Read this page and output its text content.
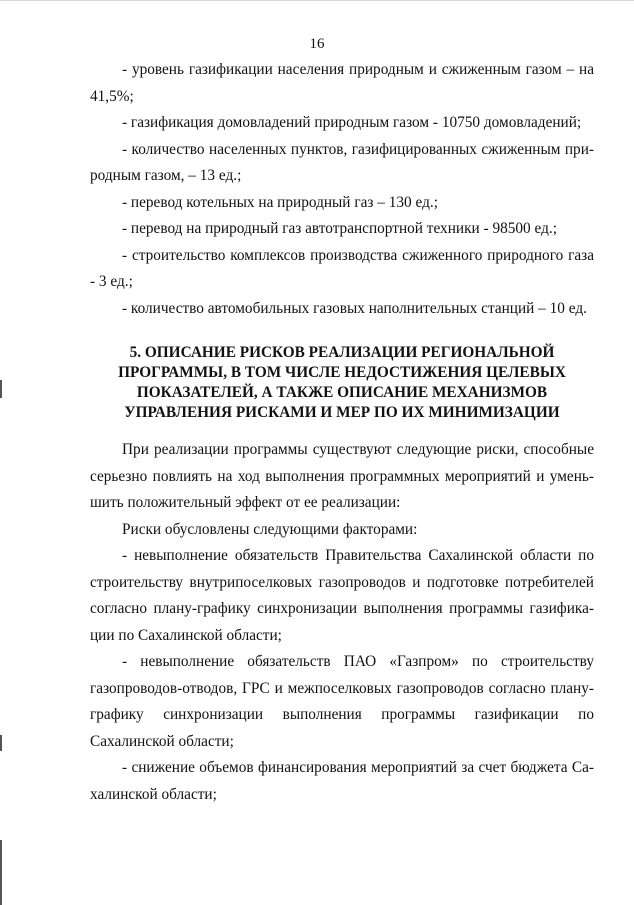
16

- уровень газификации населения природным и сжиженным газом – на 41,5%;

- газификация домовладений природным газом - 10750 домовладений;

- количество населенных пунктов, газифицированных сжиженным природным газом, – 13 ед.;

- перевод котельных на природный газ – 130 ед.;

- перевод на природный газ автотранспортной техники - 98500 ед.;

- строительство комплексов производства сжиженного природного газа - 3 ед.;

- количество автомобильных газовых наполнительных станций – 10 ед.

5. ОПИСАНИЕ РИСКОВ РЕАЛИЗАЦИИ РЕГИОНАЛЬНОЙ ПРОГРАММЫ, В ТОМ ЧИСЛЕ НЕДОСТИЖЕНИЯ ЦЕЛЕВЫХ ПОКАЗАТЕЛЕЙ, А ТАКЖЕ ОПИСАНИЕ МЕХАНИЗМОВ УПРАВЛЕНИЯ РИСКАМИ И МЕР ПО ИХ МИНИМИЗАЦИИ

При реализации программы существуют следующие риски, способные серьезно повлиять на ход выполнения программных мероприятий и уменьшить положительный эффект от ее реализации:

Риски обусловлены следующими факторами:

- невыполнение обязательств Правительства Сахалинской области по строительству внутрипоселковых газопроводов и подготовке потребителей согласно плану-графику синхронизации выполнения программы газификации по Сахалинской области;

- невыполнение обязательств ПАО «Газпром» по строительству газопроводов-отводов, ГРС и межпоселковых газопроводов согласно плану-графику синхронизации выполнения программы газификации по Сахалинской области;

- снижение объемов финансирования мероприятий за счет бюджета Сахалинской области;
